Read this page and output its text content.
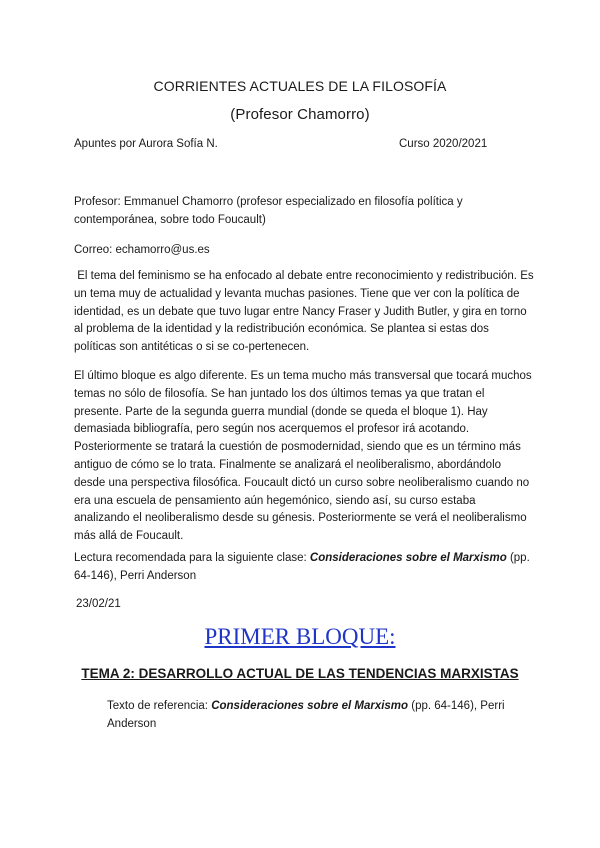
CORRIENTES ACTUALES DE LA FILOSOFÍA
(Profesor Chamorro)
Apuntes por Aurora Sofía N.	Curso 2020/2021
Profesor: Emmanuel Chamorro (profesor especializado en filosofía política y contemporánea, sobre todo Foucault)
Correo: echamorro@us.es
El tema del feminismo se ha enfocado al debate entre reconocimiento y redistribución. Es un tema muy de actualidad y levanta muchas pasiones. Tiene que ver con la política de identidad, es un debate que tuvo lugar entre Nancy Fraser y Judith Butler, y gira en torno al problema de la identidad y la redistribución económica. Se plantea si estas dos políticas son antitéticas o si se co-pertenecen.
El último bloque es algo diferente. Es un tema mucho más transversal que tocará muchos temas no sólo de filosofía. Se han juntado los dos últimos temas ya que tratan el presente. Parte de la segunda guerra mundial (donde se queda el bloque 1). Hay demasiada bibliografía, pero según nos acerquemos el profesor irá acotando. Posteriormente se tratará la cuestión de posmodernidad, siendo que es un término más antiguo de cómo se lo trata. Finalmente se analizará el neoliberalismo, abordándolo desde una perspectiva filosófica. Foucault dictó un curso sobre neoliberalismo cuando no era una escuela de pensamiento aún hegemónico, siendo así, su curso estaba analizando el neoliberalismo desde su génesis. Posteriormente se verá el neoliberalismo más allá de Foucault.
Lectura recomendada para la siguiente clase: Consideraciones sobre el Marxismo (pp. 64-146), Perri Anderson
23/02/21
PRIMER BLOQUE:
TEMA 2: DESARROLLO ACTUAL DE LAS TENDENCIAS MARXISTAS
Texto de referencia: Consideraciones sobre el Marxismo (pp. 64-146), Perri Anderson
